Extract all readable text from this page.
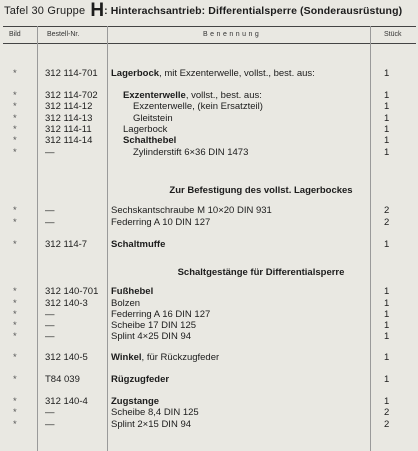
Tafel 30 Gruppe H: Hinterachsantrieb: Differentialsperre (Sonderausrüstung)
Bild	Bestell-Nr.	Benennung	Stück
Zur Befestigung des vollst. Lagerbockes
Schaltgestänge für Differentialsperre
*	312 114-701 Lagerbock, mit Exzenterwelle, vollst., best. aus:	1
*	312 114-702	Exzenterwelle, vollst., best. aus:	1
*	312 114-12	Exzenterwelle, (kein Ersatzteil)	1
*	312 114-13	Gleitstein	1
*	312 114-11	Lagerbock	1
*	312 114-14	Schalthebel	1
*	—	Zylinderstift 6×36 DIN 1473	1
*	—	Sechskantschraube M 10×20 DIN 931	2
*	—	Federring A 10 DIN 127	2
*	312 114-7	Schaltmuffe	1
*	312 140-701 Fußhebel	1
*	312 140-3 Bolzen	1
*	—	Federring A 16 DIN 127	1
*	—	Scheibe 17 DIN 125	1
*	—	Splint 4×25 DIN 94	1
*	312 140-5 Winkel, für Rückzugfeder	1
*	T84 039	Rügzugfeder	1
*	312 140-4 Zugstange	1
*	—	Scheibe 8,4 DIN 125	2
*	—	Splint 2×15 DIN 94	2
